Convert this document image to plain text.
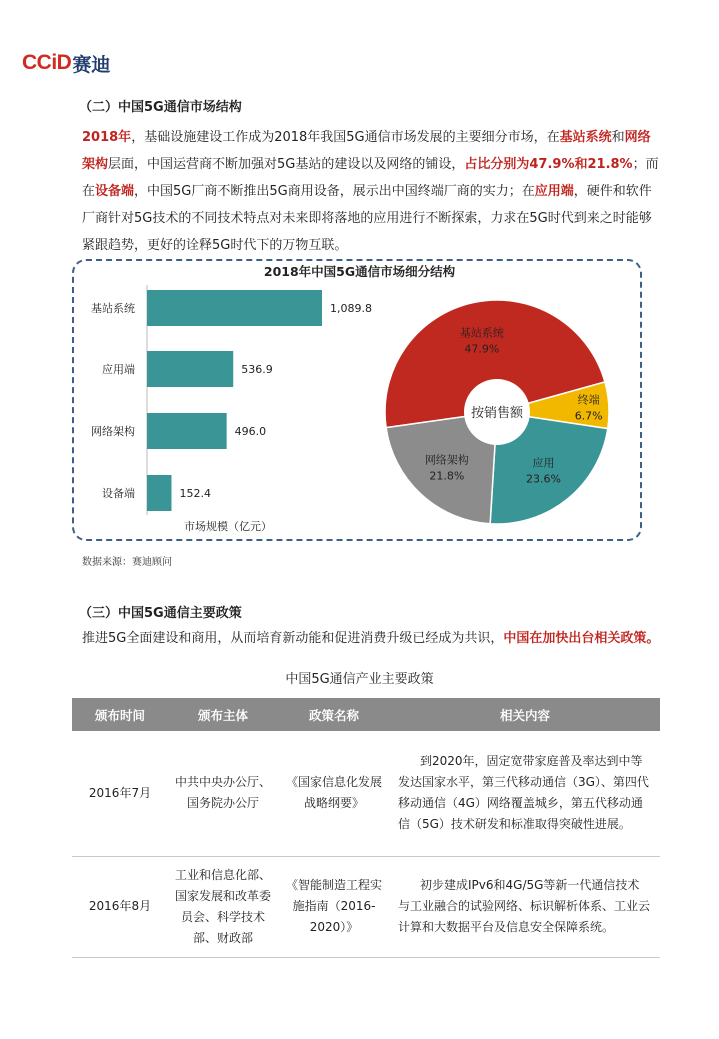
CCiD 赛迪
（二）中国5G通信市场结构
2018年，基础设施建设工作成为2018年我国5G通信市场发展的主要细分市场，在基站系统和网络架构层面，中国运营商不断加强对5G基站的建设以及网络的铺设，占比分别为47.9%和21.8%；而在设备端，中国5G厂商不断推出5G商用设备，展示出中国终端厂商的实力；在应用端，硬件和软件厂商针对5G技术的不同技术特点对未来即将落地的应用进行不断探索，力求在5G时代到来之时能够紧跟趋势，更好的诠释5G时代下的万物互联。
2018年中国5G通信市场细分结构
基站系统	1,089.8
应用端	536.9
网络架构	496.0
设备端	152.4
市场规模（亿元）
基站系统
47.9%
终端
6.7%
应用
23.6%
网络架构
21.8%
按销售额
数据来源：赛迪顾问
（三）中国5G通信主要政策
推进5G全面建设和商用，从而培育新动能和促进消费升级已经成为共识，中国在加快出台相关政策。
中国5G通信产业主要政策
颁布时间	颁布主体	政策名称	相关内容
2016年7月	中共中央办公厅、国务院办公厅	《国家信息化发展战略纲要》	到2020年，固定宽带家庭普及率达到中等发达国家水平，第三代移动通信（3G）、第四代移动通信（4G）网络覆盖城乡，第五代移动通信（5G）技术研发和标准取得突破性进展。
2016年8月	工业和信息化部、国家发展和改革委员会、科学技术部、财政部	《智能制造工程实施指南（2016-2020）》	初步建成IPv6和4G/5G等新一代通信技术与工业融合的试验网络、标识解析体系、工业云计算和大数据平台及信息安全保障系统。
